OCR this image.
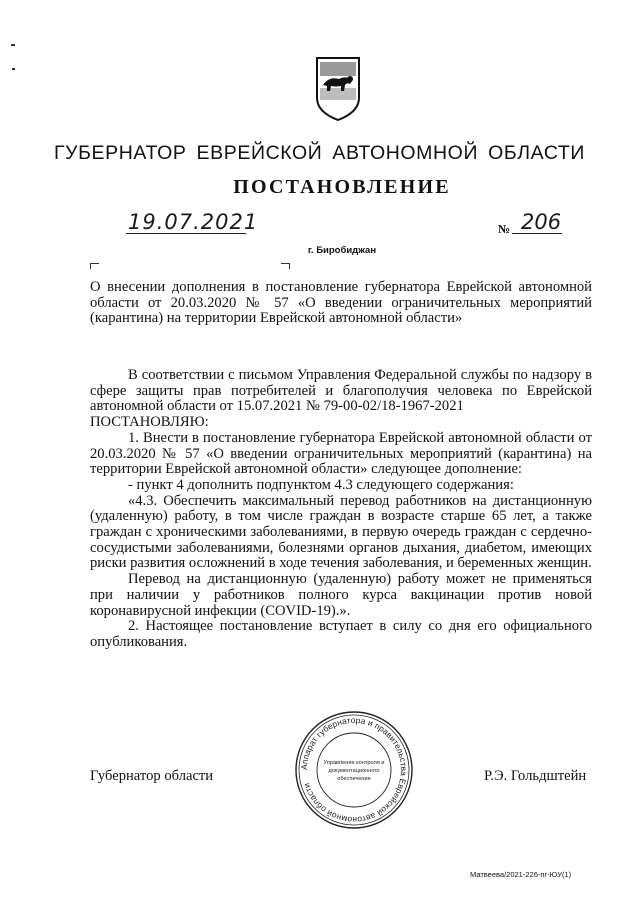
ГУБЕРНАТОР ЕВРЕЙСКОЙ АВТОНОМНОЙ ОБЛАСТИ
ПОСТАНОВЛЕНИЕ
19.07.2021	№ 206
г. Биробиджан

О внесении дополнения в постановление губернатора Еврейской автономной области от 20.03.2020 № 57 «О введении ограничительных мероприятий (карантина) на территории Еврейской автономной области»

В соответствии с письмом Управления Федеральной службы по надзору в сфере защиты прав потребителей и благополучия человека по Еврейской автономной области от 15.07.2021 № 79-00-02/18-1967-2021

ПОСТАНОВЛЯЮ:

1. Внести в постановление губернатора Еврейской автономной области от 20.03.2020 № 57 «О введении ограничительных мероприятий (карантина) на территории Еврейской автономной области» следующее дополнение:

- пункт 4 дополнить подпунктом 4.3 следующего содержания:

«4.3. Обеспечить максимальный перевод работников на дистанционную (удаленную) работу, в том числе граждан в возрасте старше 65 лет, а также граждан с хроническими заболеваниями, в первую очередь граждан с сердечно-сосудистыми заболеваниями, болезнями органов дыхания, диабетом, имеющих риски развития осложнений в ходе течения заболевания, и беременных женщин.

Перевод на дистанционную (удаленную) работу может не применяться при наличии у работников полного курса вакцинации против новой коронавирусной инфекции (COVID-19).».

2. Настоящее постановление вступает в силу со дня его официального опубликования.

Губернатор области	Р.Э. Гольдштейн
Аппарат губернатора и правительства Еврейской автономной области
Управление контроля и
документационного
обеспечения
Матвеева/2021-226-пг-ЮУ(1)
